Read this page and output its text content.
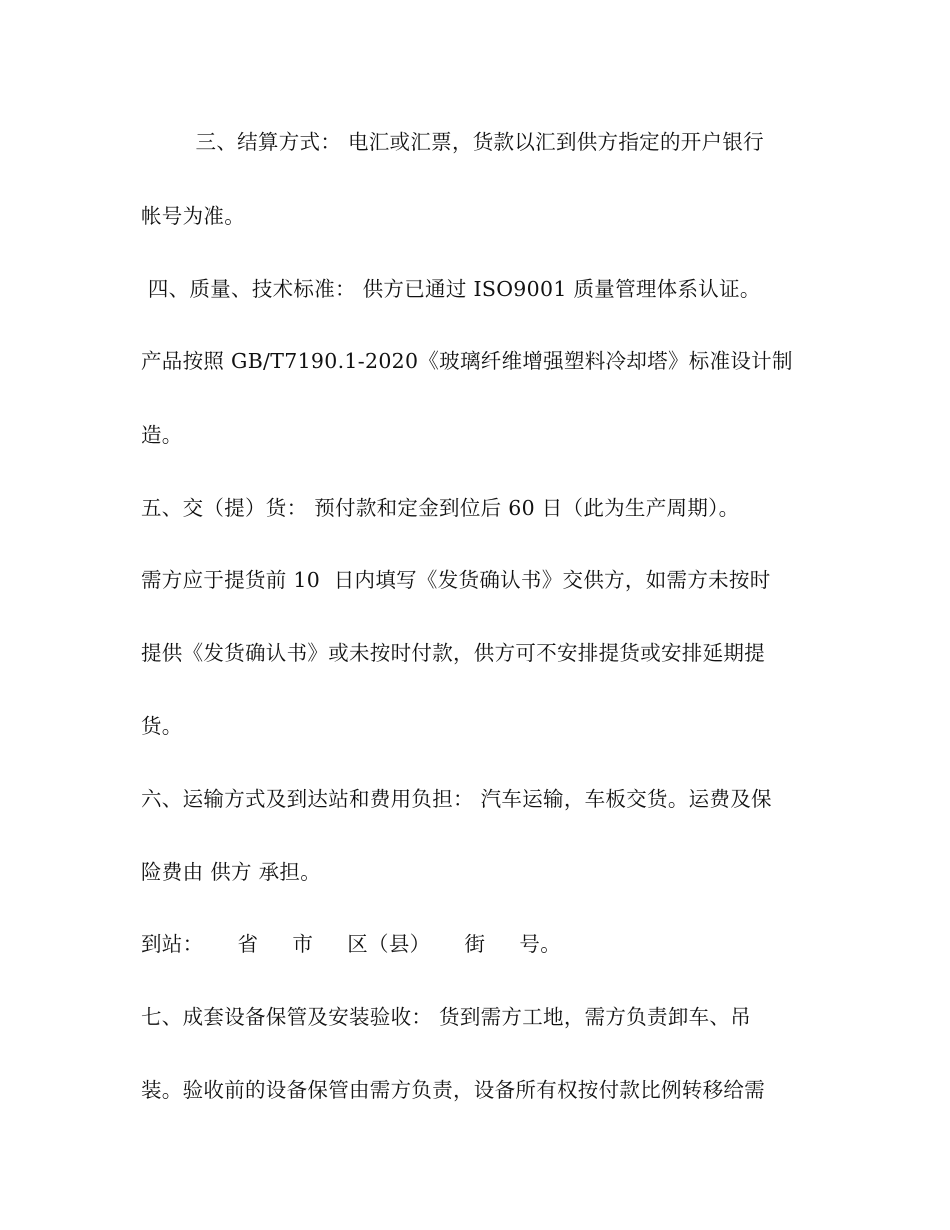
三、结算方式： 电汇或汇票，货款以汇到供方指定的开户银行
帐号为准。
四、质量、技术标准： 供方已通过 ISO9001 质量管理体系认证。
产品按照 GB/T7190.1-2020《玻璃纤维增强塑料冷却塔》标准设计制
造。
五、交（提）货： 预付款和定金到位后 60 日（此为生产周期）。
需方应于提货前 10  日内填写《发货确认书》交供方，如需方未按时
提供《发货确认书》或未按时付款，供方可不安排提货或安排延期提
货。
六、运输方式及到达站和费用负担： 汽车运输，车板交货。运费及保
险费由 供方 承担。
到站：     省     市     区（县）     街     号。
七、成套设备保管及安装验收： 货到需方工地，需方负责卸车、吊
装。验收前的设备保管由需方负责，设备所有权按付款比例转移给需
